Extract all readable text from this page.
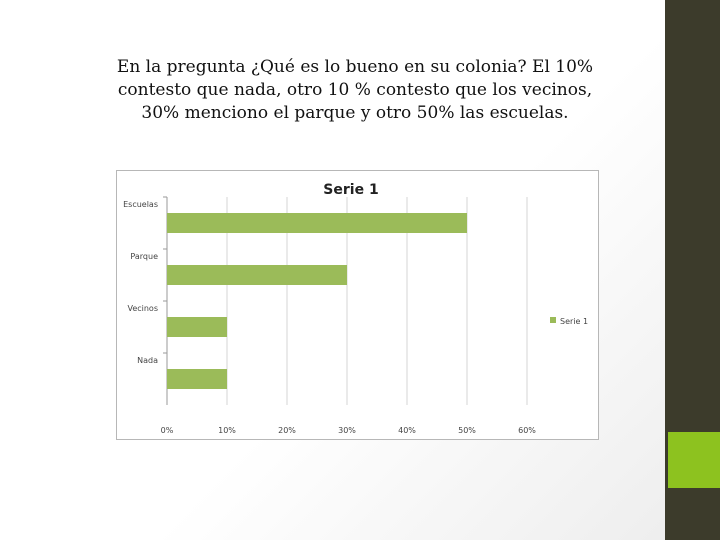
En la pregunta ¿Qué es lo bueno en su colonia? El 10%
contesto que nada, otro 10 % contesto que los vecinos,
30% menciono el parque y otro 50% las escuelas.
Serie 1
Escuelas
Parque
Vecinos
Nada
0%	10%	20%	30%	40%	50%	60%
Serie 1
